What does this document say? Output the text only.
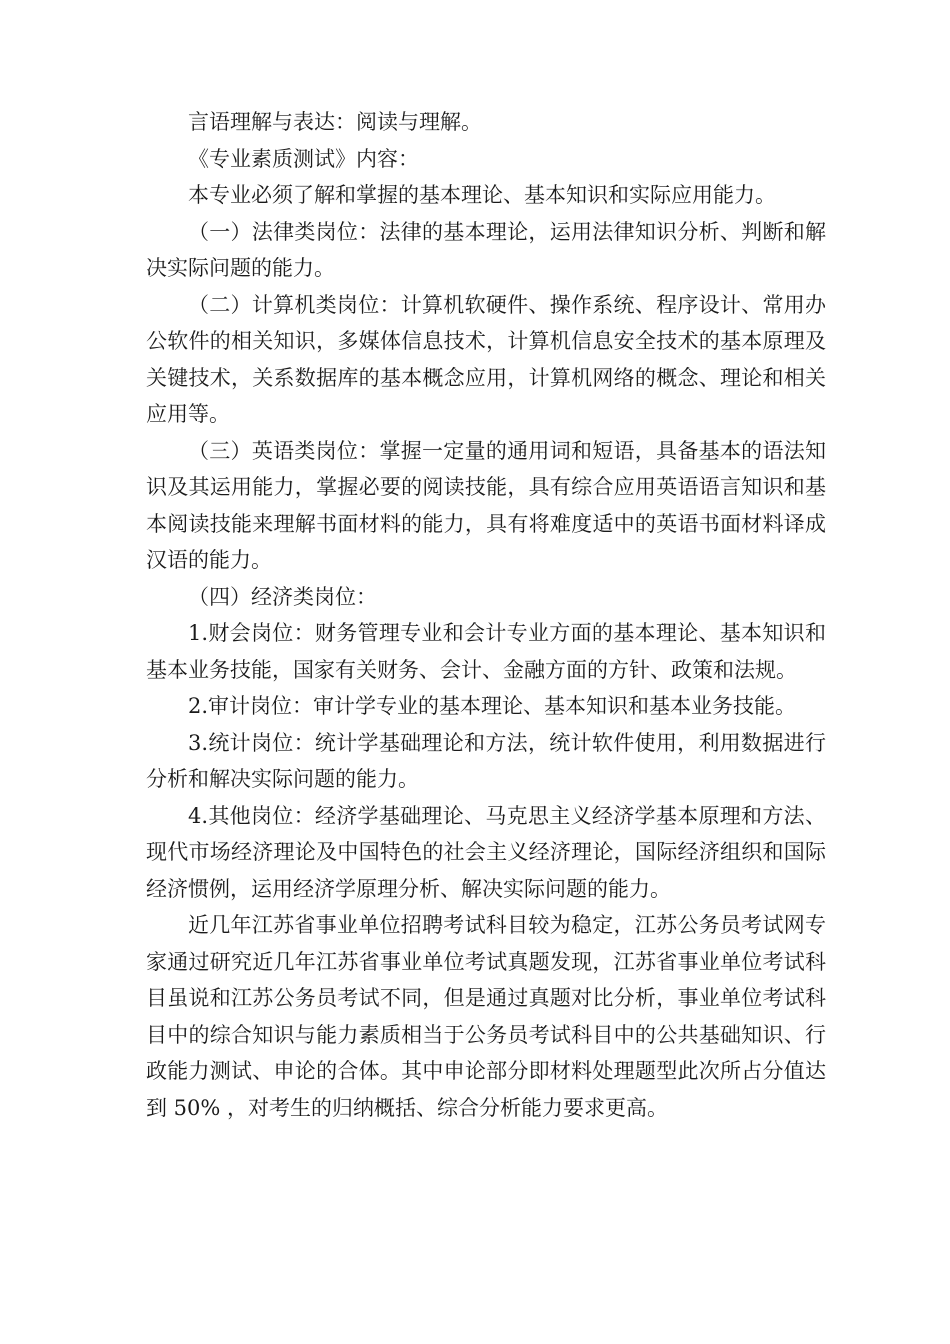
言语理解与表达：阅读与理解。

《专业素质测试》内容：

本专业必须了解和掌握的基本理论、基本知识和实际应用能力。

（一）法律类岗位：法律的基本理论，运用法律知识分析、判断和解决实际问题的能力。

（二）计算机类岗位：计算机软硬件、操作系统、程序设计、常用办公软件的相关知识，多媒体信息技术，计算机信息安全技术的基本原理及关键技术，关系数据库的基本概念应用，计算机网络的概念、理论和相关应用等。

（三）英语类岗位：掌握一定量的通用词和短语，具备基本的语法知识及其运用能力，掌握必要的阅读技能，具有综合应用英语语言知识和基本阅读技能来理解书面材料的能力，具有将难度适中的英语书面材料译成汉语的能力。

（四）经济类岗位：

1.财会岗位：财务管理专业和会计专业方面的基本理论、基本知识和基本业务技能，国家有关财务、会计、金融方面的方针、政策和法规。

2.审计岗位：审计学专业的基本理论、基本知识和基本业务技能。

3.统计岗位：统计学基础理论和方法，统计软件使用，利用数据进行分析和解决实际问题的能力。

4.其他岗位：经济学基础理论、马克思主义经济学基本原理和方法、现代市场经济理论及中国特色的社会主义经济理论，国际经济组织和国际经济惯例，运用经济学原理分析、解决实际问题的能力。

近几年江苏省事业单位招聘考试科目较为稳定，江苏公务员考试网专家通过研究近几年江苏省事业单位考试真题发现，江苏省事业单位考试科目虽说和江苏公务员考试不同，但是通过真题对比分析，事业单位考试科目中的综合知识与能力素质相当于公务员考试科目中的公共基础知识、行政能力测试、申论的合体。其中申论部分即材料处理题型此次所占分值达到 50% ，对考生的归纳概括、综合分析能力要求更高。
